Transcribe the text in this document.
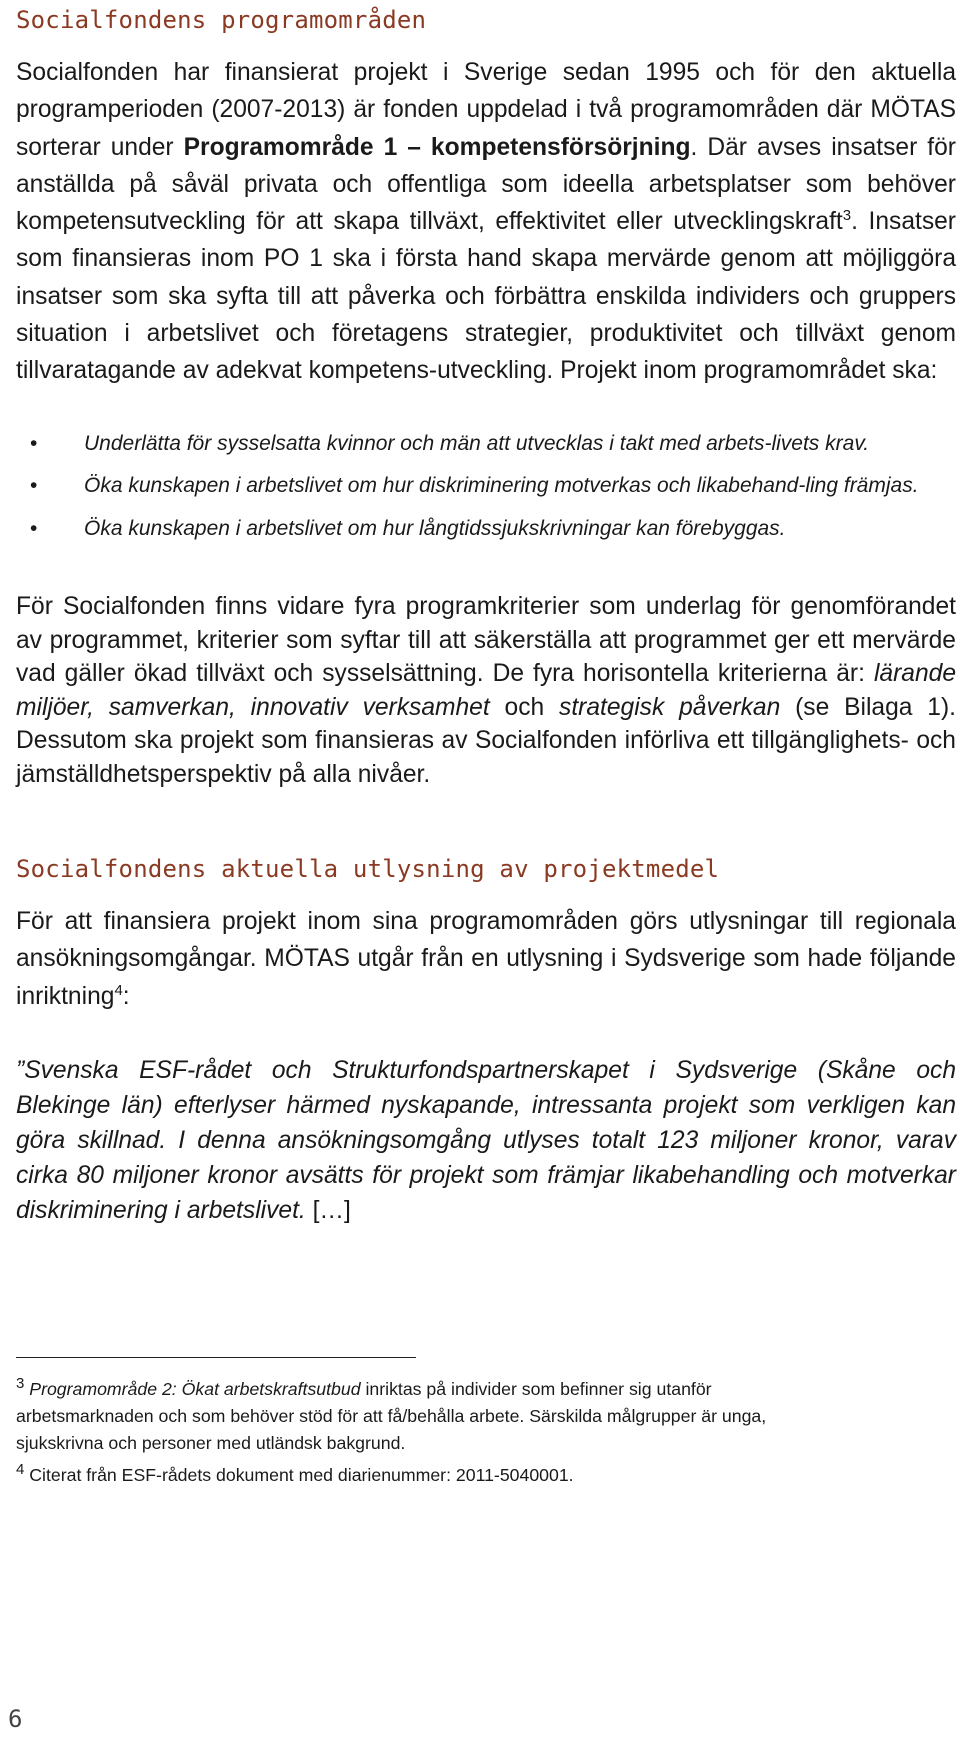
Socialfondens programområden

Socialfonden har finansierat projekt i Sverige sedan 1995 och för den aktuella programperioden (2007-2013) är fonden uppdelad i två programområden där MÖTAS sorterar under Programområde 1 – kompetensförsörjning. Där avses insatser för anställda på såväl privata och offentliga som ideella arbetsplatser som behöver kompetensutveckling för att skapa tillväxt, effektivitet eller utvecklingskraft$^3$. Insatser som finansieras inom PO 1 ska i första hand skapa mervärde genom att möjliggöra insatser som ska syfta till att påverka och förbättra enskilda individers och gruppers situation i arbetslivet och företagens strategier, produktivitet och tillväxt genom tillvaratagande av adekvat kompetens-utveckling. Projekt inom programområdet ska:

• Underlätta för sysselsatta kvinnor och män att utvecklas i takt med arbets-livets krav.
• Öka kunskapen i arbetslivet om hur diskriminering motverkas och likabehand-ling främjas.
• Öka kunskapen i arbetslivet om hur långtidssjukskrivningar kan förebyggas.

För Socialfonden finns vidare fyra programkriterier som underlag för genomförandet av programmet, kriterier som syftar till att säkerställa att programmet ger ett mervärde vad gäller ökad tillväxt och sysselsättning. De fyra horisontella kriterierna är: lärande miljöer, samverkan, innovativ verksamhet och strategisk påverkan (se Bilaga 1). Dessutom ska projekt som finansieras av Socialfonden införliva ett tillgänglighets- och jämställdhetsperspektiv på alla nivåer.

Socialfondens aktuella utlysning av projektmedel

För att finansiera projekt inom sina programområden görs utlysningar till regionala ansökningsomgångar. MÖTAS utgår från en utlysning i Sydsverige som hade följande inriktning$^4$:

”Svenska ESF-rådet och Strukturfondspartnerskapet i Sydsverige (Skåne och Blekinge län) efterlyser härmed nyskapande, intressanta projekt som verkligen kan göra skillnad. I denna ansökningsomgång utlyses totalt 123 miljoner kronor, varav cirka 80 miljoner kronor avsätts för projekt som främjar likabehandling och motverkar diskriminering i arbetslivet. […]

$^3$ Programområde 2: Ökat arbetskraftsutbud inriktas på individer som befinner sig utanför arbetsmarknaden och som behöver stöd för att få/behålla arbete. Särskilda målgrupper är unga, sjukskrivna och personer med utländsk bakgrund.
$^4$ Citerat från ESF-rådets dokument med diarienummer: 2011-5040001.
6
